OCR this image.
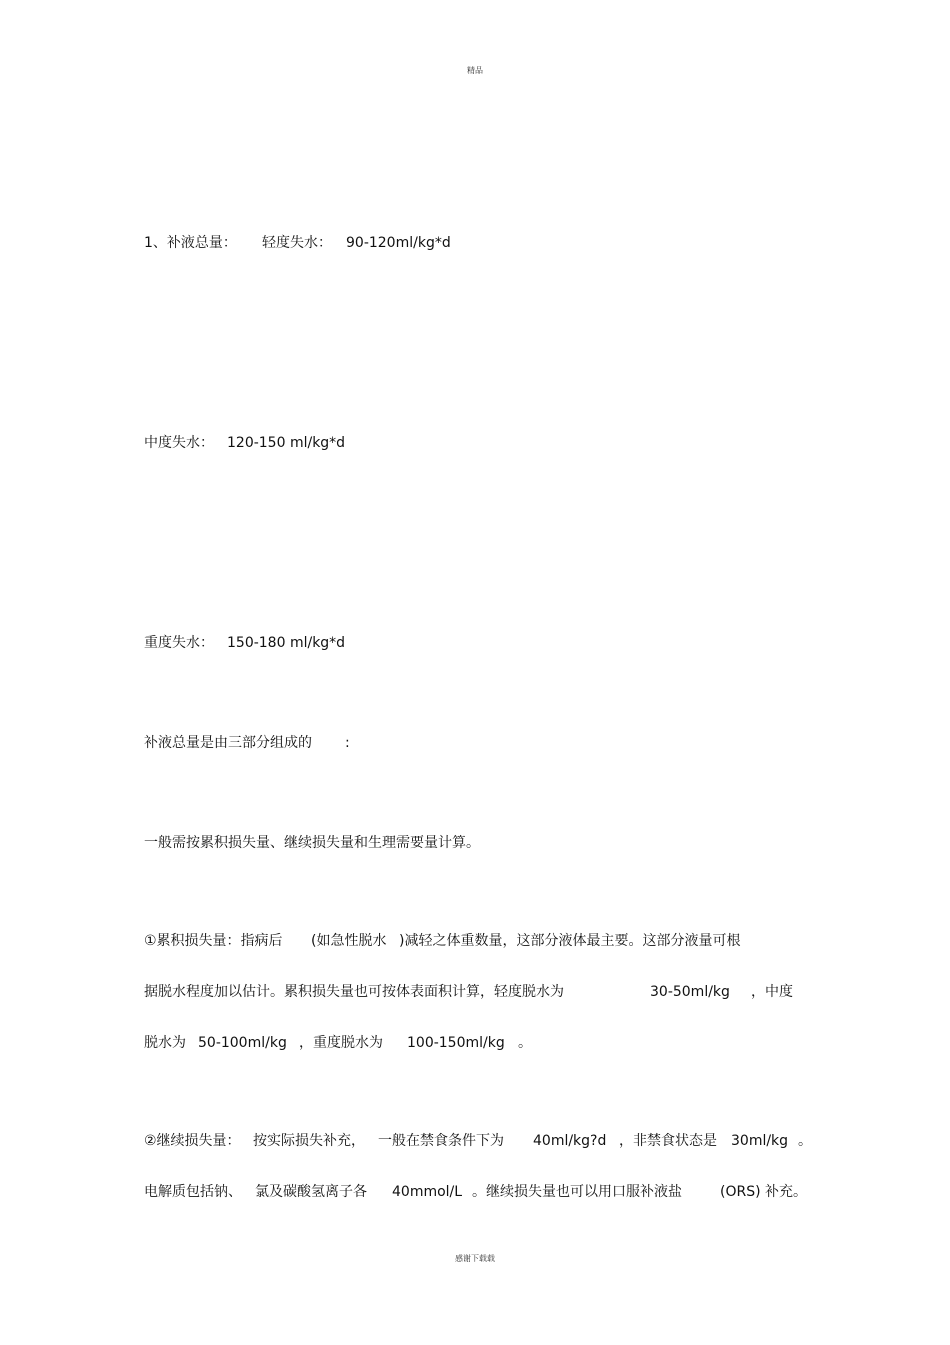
精品
1、补液总量： 轻度失水： 90-120ml/kg*d
中度失水： 120-150 ml/kg*d
重度失水： 150-180 ml/kg*d
补液总量是由三部分组成的 :
一般需按累积损失量、继续损失量和生理需要量计算。
①累积损失量：指病后 (如急性脱水 )减轻之体重数量，这部分液体最主要。这部分液量可根
据脱水程度加以估计。累积损失量也可按体表面积计算，轻度脱水为	30-50ml/kg ，中度
脱水为 50-100ml/kg ，重度脱水为 100-150ml/kg 。
②继续损失量： 按实际损失补充， 一般在禁食条件下为 40ml/kg?d ，非禁食状态是 30ml/kg 。
电解质包括钠、 氯及碳酸氢离子各 40mmol/L 。继续损失量也可以用口服补液盐	(ORS) 补充。
感谢下载载
